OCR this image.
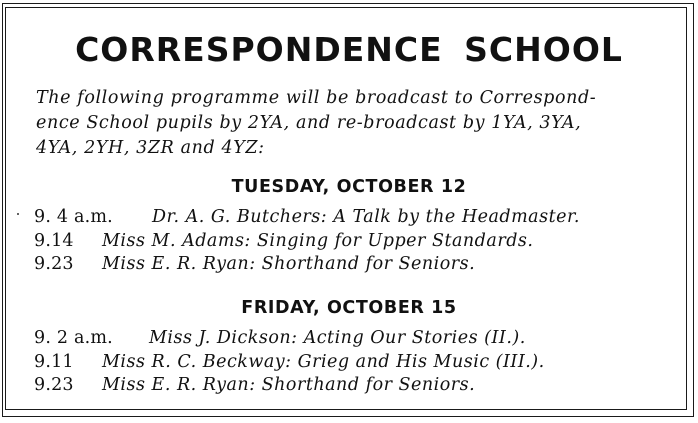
CORRESPONDENCE SCHOOL

The following programme will be broadcast to Correspond-
ence School pupils by 2YA, and re-broadcast by 1YA, 3YA,
4YA, 2YH, 3ZR and 4YZ:

TUESDAY, OCTOBER 12
9. 4 a.m. Dr. A. G. Butchers: A Talk by the Headmaster.
9.14 Miss M. Adams: Singing for Upper Standards.
9.23 Miss E. R. Ryan: Shorthand for Seniors.
FRIDAY, OCTOBER 15
9. 2 a.m. Miss J. Dickson: Acting Our Stories (II.).
9.11 Miss R. C. Beckway: Grieg and His Music (III.).
9.23 Miss E. R. Ryan: Shorthand for Seniors.
